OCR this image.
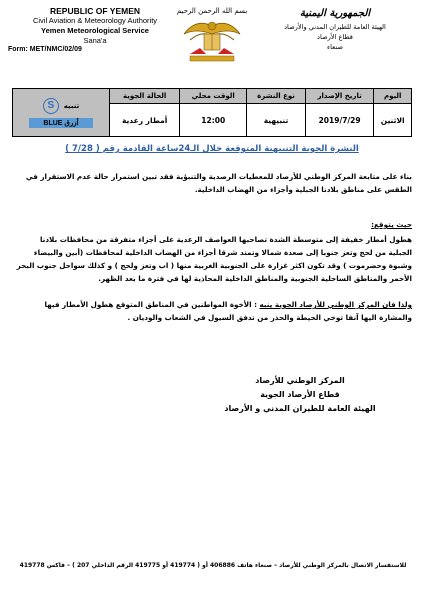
REPUBLIC OF YEMEN
Civil Aviation & Meteorology Authority
Yemen Meteorological Service
Sana'a
Form: MET/NMC/02/09
بسم الله الرحمن الرحيم	الجمهورية اليمنية
الهيئة العامة للطيران المدني والأرصاد
قطاع الأرصاد
صنعاء
اليوم	تاريخ الإصدار	نوع النشرة	الوقت محلي	الحالة الجوية	تنبيه
S
أزرق BLUE

الاثنين	2019/7/29	تنبيهية	12:00	أمطار رعدية	
النشرة الجوية التنبيهية المتوقعة خلال الـ24ساعة القادمة رقم ( 7/28 )
بناء على متابعة المركز الوطني للأرصاد للمعطيات الرصدية والتنبؤية فقد تبين استمرار حالة عدم الاستقرار في الطقس على مناطق بلادنا الجبلية وأجزاء من الهضاب الداخلية.
حيث يتوقع:
هطول أمطار خفيفة إلى متوسطة الشدة تصاحبها العواصف الرعدية على أجزاء متفرقة من محافظات بلادنا الجبلية من لحج وتعز جنوبا إلى صعدة شمالا وتمتد شرقا أجزاء من الهضاب الداخلية لمحافظات (أبين والبيضاء وشبوة وحضرموت ) وقد تكون اكثر غزارة على الجنوبية الغربية منها ( اب وتعز ولحج ) و كذلك سواحل جنوب البحر الأحمر والمناطق الساحلية الجنوبية والمناطق الداخلية المحاذية لها في فترة ما بعد الظهر.
ولذا فان المركز الوطني للأرصاد الجوية ينبه : الأخوة المواطنين في المناطق المتوقع هطول الأمطار فيها والمشارة اليها آنفا توخي الحيطة والحذر من تدفق السيول في الشعاب والوديان .
المركز الوطني للأرصاد
قطاع الأرصاد الجوية
الهيئة العامة للطيران المدني و الأرصاد
للاستفسار الاتصال بالمركز الوطني للأرصاد – صنعاء هاتف 406886 أو ( 419774 أو 419775 الرقم الداخلي 207 ) – فاكس 419778
